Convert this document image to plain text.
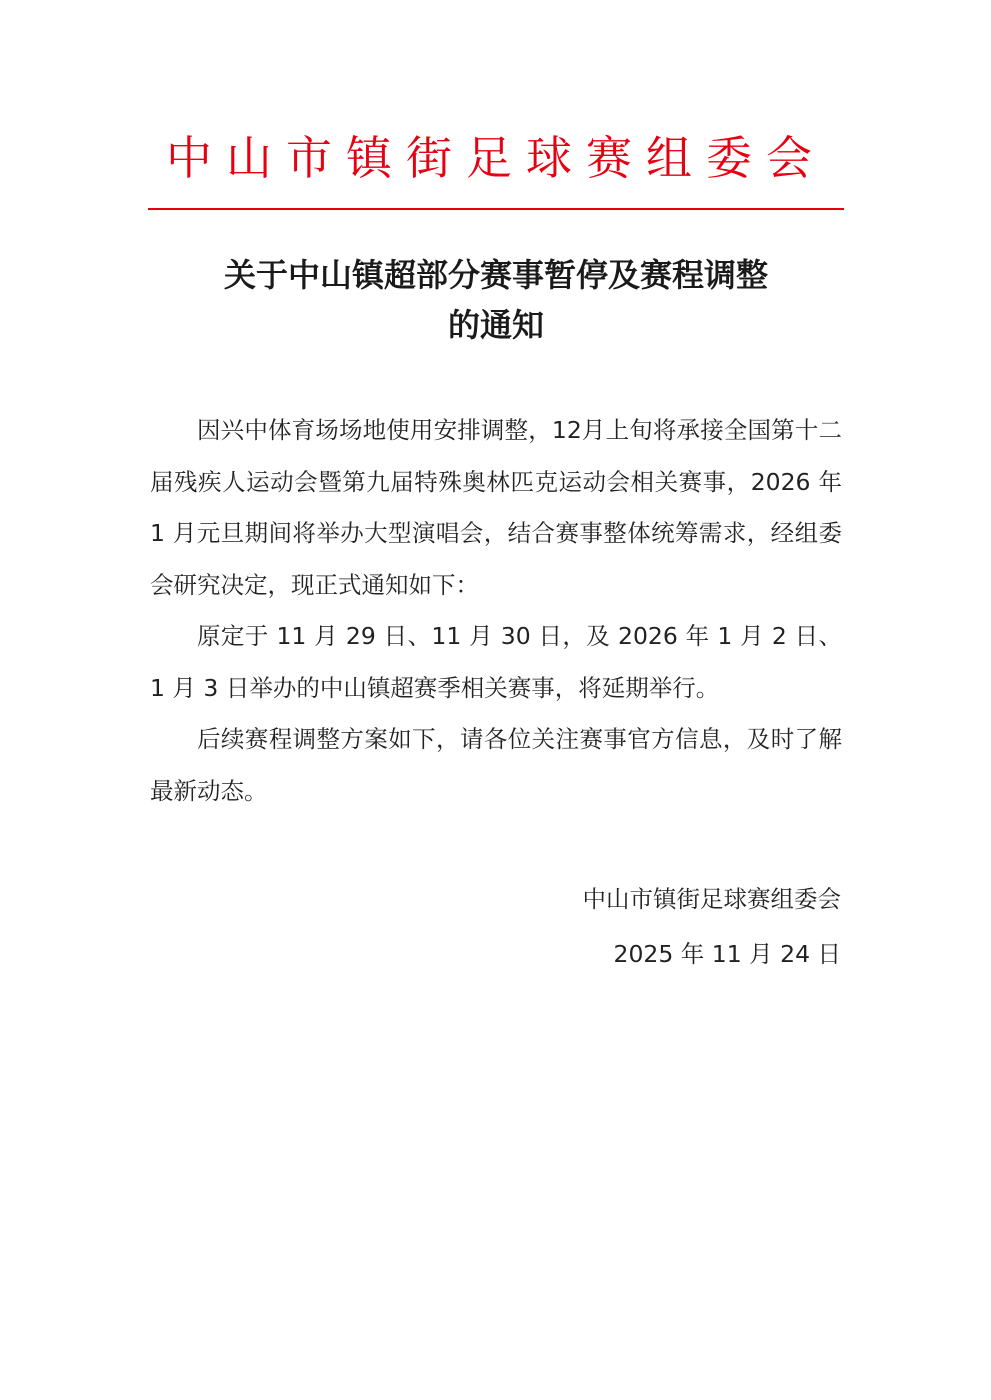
中山市镇街足球赛组委会
关于中山镇超部分赛事暂停及赛程调整
的通知

因兴中体育场场地使用安排调整，12月上旬将承接全国第十二届残疾人运动会暨第九届特殊奥林匹克运动会相关赛事，2026 年 1 月元旦期间将举办大型演唱会，结合赛事整体统筹需求，经组委会研究决定，现正式通知如下：

原定于 11 月 29 日、11 月 30 日，及 2026 年 1 月 2 日、1 月 3 日举办的中山镇超赛季相关赛事，将延期举行。

后续赛程调整方案如下，请各位关注赛事官方信息，及时了解最新动态。

中山市镇街足球赛组委会
2025 年 11 月 24 日
